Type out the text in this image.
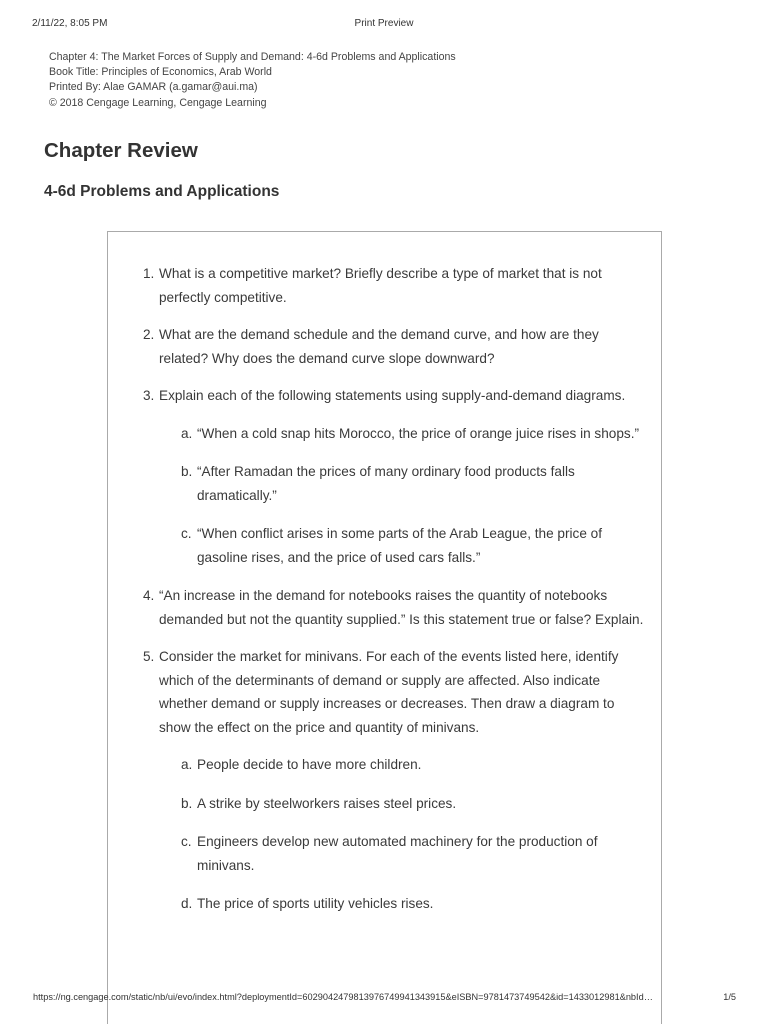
2/11/22, 8:05 PM	Print Preview
Chapter 4: The Market Forces of Supply and Demand: 4-6d Problems and Applications
Book Title: Principles of Economics, Arab World
Printed By: Alae GAMAR (a.gamar@aui.ma)
© 2018 Cengage Learning, Cengage Learning
Chapter Review
4-6d Problems and Applications
1. What is a competitive market? Briefly describe a type of market that is not perfectly competitive.
2. What are the demand schedule and the demand curve, and how are they related? Why does the demand curve slope downward?
3. Explain each of the following statements using supply-and-demand diagrams.
a. “When a cold snap hits Morocco, the price of orange juice rises in shops.”
b. “After Ramadan the prices of many ordinary food products falls dramatically.”
c. “When conflict arises in some parts of the Arab League, the price of gasoline rises, and the price of used cars falls.”
4. “An increase in the demand for notebooks raises the quantity of notebooks demanded but not the quantity supplied.” Is this statement true or false? Explain.
5. Consider the market for minivans. For each of the events listed here, identify which of the determinants of demand or supply are affected. Also indicate whether demand or supply increases or decreases. Then draw a diagram to show the effect on the price and quantity of minivans.
a. People decide to have more children.
b. A strike by steelworkers raises steel prices.
c. Engineers develop new automated machinery for the production of minivans.
d. The price of sports utility vehicles rises.
https://ng.cengage.com/static/nb/ui/evo/index.html?deploymentId=6029042479813976749941343915&eISBN=9781473749542&id=1433012981&nbId…	1/5
